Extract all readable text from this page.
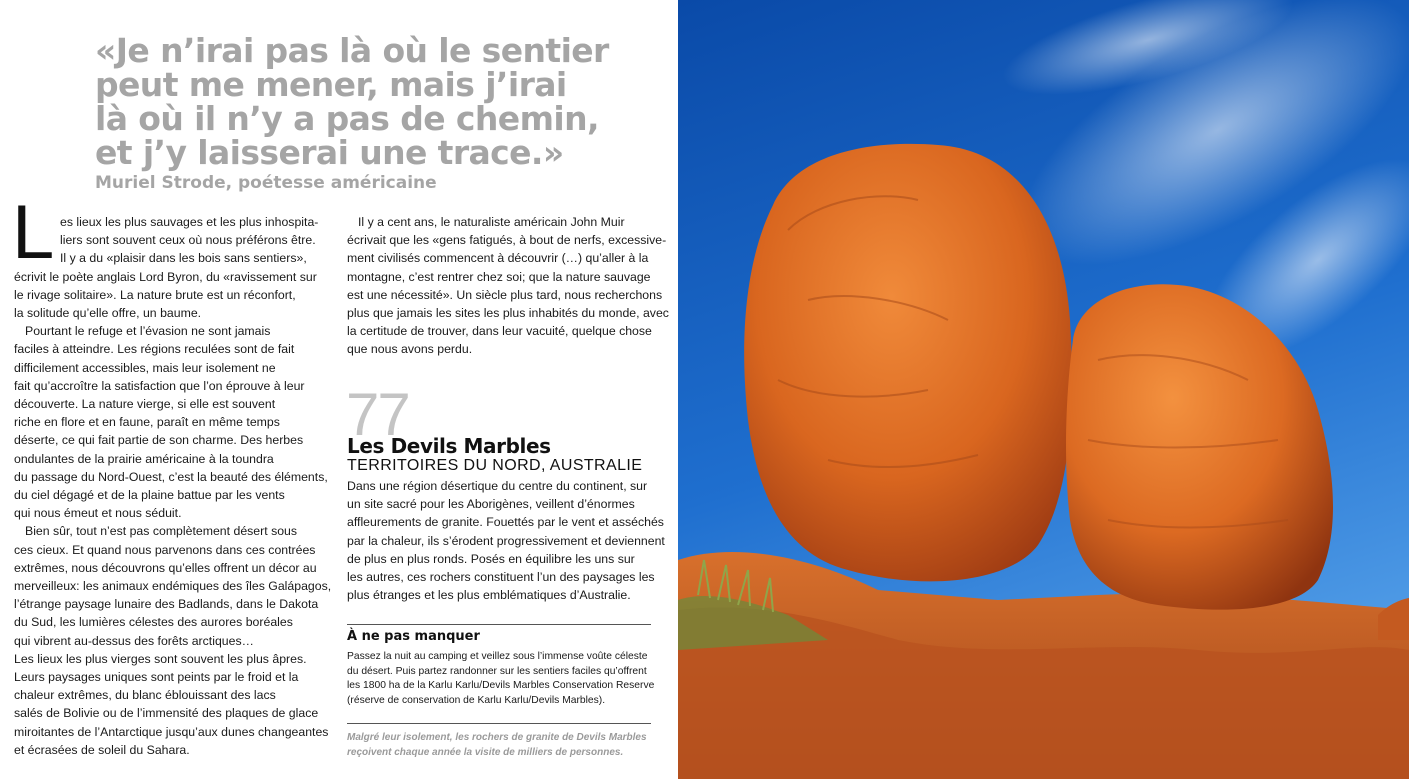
«Je n’irai pas là où le sentier
peut me mener, mais j’irai
là où il n’y a pas de chemin,
et j’y laisserai une trace.»

Muriel Strode, poétesse américaine

L es lieux les plus sauvages et les plus inhospita-
liers sont souvent ceux où nous préférons être.
Il y a du «plaisir dans les bois sans sentiers»,
écrivit le poète anglais Lord Byron, du «ravissement sur
le rivage solitaire». La nature brute est un réconfort,
la solitude qu’elle offre, un baume.
Pourtant le refuge et l’évasion ne sont jamais
faciles à atteindre. Les régions reculées sont de fait
difficilement accessibles, mais leur isolement ne
fait qu’accroître la satisfaction que l’on éprouve à leur
découverte. La nature vierge, si elle est souvent
riche en flore et en faune, paraît en même temps
déserte, ce qui fait partie de son charme. Des herbes
ondulantes de la prairie américaine à la toundra
du passage du Nord-Ouest, c’est la beauté des éléments,
du ciel dégagé et de la plaine battue par les vents
qui nous émeut et nous séduit.
Bien sûr, tout n’est pas complètement désert sous
ces cieux. Et quand nous parvenons dans ces contrées
extrêmes, nous découvrons qu’elles offrent un décor au
merveilleux: les animaux endémiques des îles Galápagos,
l’étrange paysage lunaire des Badlands, dans le Dakota
du Sud, les lumières célestes des aurores boréales
qui vibrent au-dessus des forêts arctiques…
Les lieux les plus vierges sont souvent les plus âpres.
Leurs paysages uniques sont peints par le froid et la
chaleur extrêmes, du blanc éblouissant des lacs
salés de Bolivie ou de l’immensité des plaques de glace
miroitantes de l’Antarctique jusqu’aux dunes changeantes
et écrasées de soleil du Sahara.
Il y a cent ans, le naturaliste américain John Muir
écrivait que les «gens fatigués, à bout de nerfs, excessive-
ment civilisés commencent à découvrir (…) qu’aller à la
montagne, c’est rentrer chez soi; que la nature sauvage
est une nécessité». Un siècle plus tard, nous recherchons
plus que jamais les sites les plus inhabités du monde, avec
la certitude de trouver, dans leur vacuité, quelque chose
que nous avons perdu.
77
Les Devils Marbles

TERRITOIRES DU NORD, AUSTRALIE

Dans une région désertique du centre du continent, sur
un site sacré pour les Aborigènes, veillent d’énormes
affleurements de granite. Fouettés par le vent et asséchés
par la chaleur, ils s’érodent progressivement et deviennent
de plus en plus ronds. Posés en équilibre les uns sur
les autres, ces rochers constituent l’un des paysages les
plus étranges et les plus emblématiques d’Australie.
À ne pas manquer
Passez la nuit au camping et veillez sous l’immense voûte céleste
du désert. Puis partez randonner sur les sentiers faciles qu’offrent
les 1800 ha de la Karlu Karlu/Devils Marbles Conservation Reserve
(réserve de conservation de Karlu Karlu/Devils Marbles).
Malgré leur isolement, les rochers de granite de Devils Marbles
reçoivent chaque année la visite de milliers de personnes.
